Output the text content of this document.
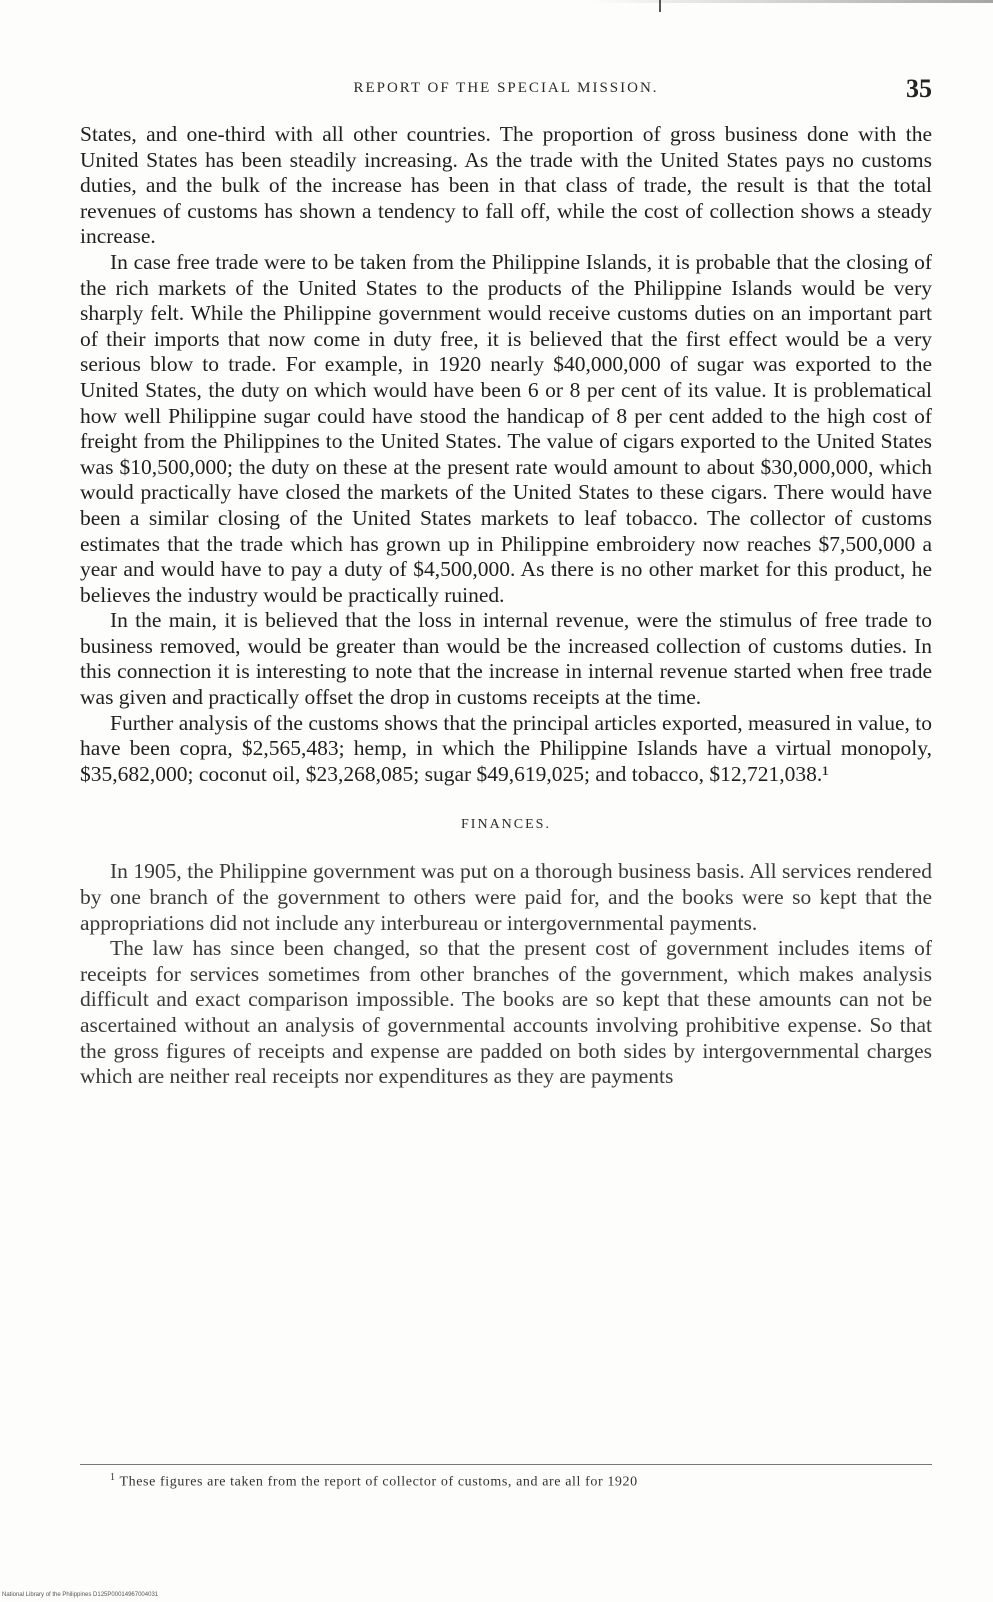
REPORT OF THE SPECIAL MISSION.	35

States, and one-third with all other countries. The proportion of gross business done with the United States has been steadily increasing. As the trade with the United States pays no customs duties, and the bulk of the increase has been in that class of trade, the result is that the total revenues of customs has shown a tendency to fall off, while the cost of collection shows a steady increase.

In case free trade were to be taken from the Philippine Islands, it is probable that the closing of the rich markets of the United States to the products of the Philippine Islands would be very sharply felt. While the Philippine government would receive customs duties on an important part of their imports that now come in duty free, it is believed that the first effect would be a very serious blow to trade. For example, in 1920 nearly $40,000,000 of sugar was exported to the United States, the duty on which would have been 6 or 8 per cent of its value. It is problematical how well Philippine sugar could have stood the handicap of 8 per cent added to the high cost of freight from the Philippines to the United States. The value of cigars exported to the United States was $10,500,000; the duty on these at the present rate would amount to about $30,000,000, which would practically have closed the markets of the United States to these cigars. There would have been a similar closing of the United States markets to leaf tobacco. The collector of customs estimates that the trade which has grown up in Philippine embroidery now reaches $7,500,000 a year and would have to pay a duty of $4,500,000. As there is no other market for this product, he believes the industry would be practically ruined.

In the main, it is believed that the loss in internal revenue, were the stimulus of free trade to business removed, would be greater than would be the increased collection of customs duties. In this connection it is interesting to note that the increase in internal revenue started when free trade was given and practically offset the drop in customs receipts at the time.

Further analysis of the customs shows that the principal articles exported, measured in value, to have been copra, $2,565,483; hemp, in which the Philippine Islands have a virtual monopoly, $35,682,000; coconut oil, $23,268,085; sugar $49,619,025; and tobacco, $12,721,038.¹

FINANCES.

In 1905, the Philippine government was put on a thorough business basis. All services rendered by one branch of the government to others were paid for, and the books were so kept that the appropriations did not include any interbureau or intergovernmental payments.

The law has since been changed, so that the present cost of government includes items of receipts for services sometimes from other branches of the government, which makes analysis difficult and exact comparison impossible. The books are so kept that these amounts can not be ascertained without an analysis of governmental accounts involving prohibitive expense. So that the gross figures of receipts and expense are padded on both sides by intergovernmental charges which are neither real receipts nor expenditures as they are payments

$^1$ These figures are taken from the report of collector of customs, and are all for 1920
National Library of the Philippines D125P00014967004031
